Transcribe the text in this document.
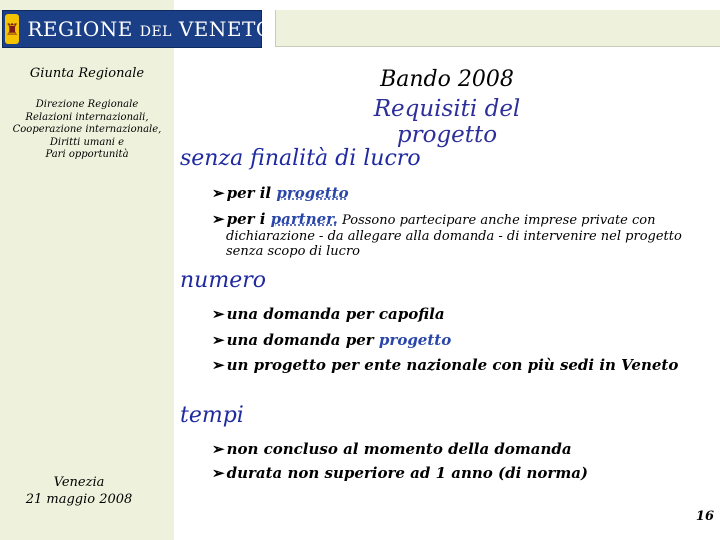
♜ REGIONE DEL VENETO
Giunta Regionale
Direzione Regionale
Relazioni internazionali,
Cooperazione internazionale,
Diritti umani e
Pari opportunità
Venezia
21 maggio 2008
Bando 2008
Requisiti del progetto
senza finalità di lucro
➢ per il progetto
➢ per i partner. Possono partecipare anche imprese private con
dichiarazione - da allegare alla domanda - di intervenire nel progetto
senza scopo di lucro
numero
➢ una domanda per capofila
➢ una domanda per progetto
➢ un progetto per ente nazionale con più sedi in Veneto
tempi
➢ non concluso al momento della domanda
➢ durata non superiore ad 1 anno (di norma)
16
